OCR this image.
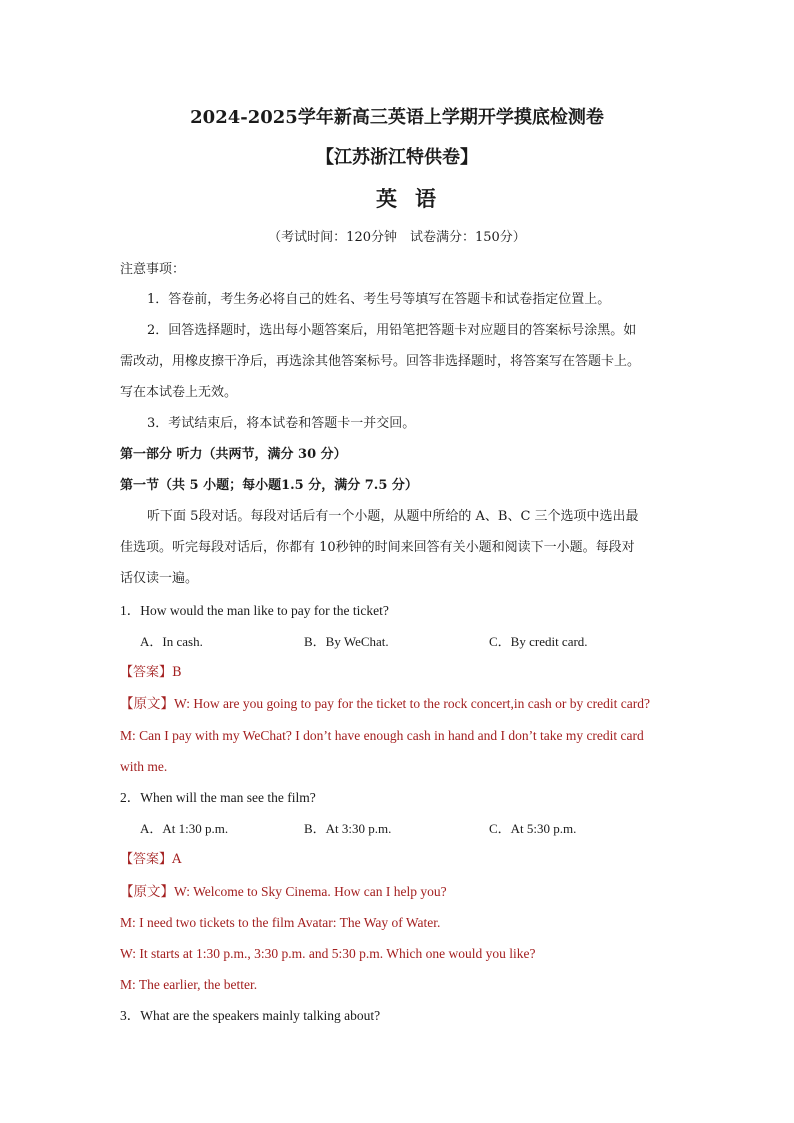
2024-2025学年新高三英语上学期开学摸底检测卷
【江苏浙江特供卷】
英语
（考试时间：120分钟　试卷满分：150分）
注意事项：
1．答卷前，考生务必将自己的姓名、考生号等填写在答题卡和试卷指定位置上。
2．回答选择题时，选出每小题答案后，用铅笔把答题卡对应题目的答案标号涂黑。如
需改动，用橡皮擦干净后，再选涂其他答案标号。回答非选择题时，将答案写在答题卡上。
写在本试卷上无效。
3．考试结束后，将本试卷和答题卡一并交回。
第一部分 听力（共两节，满分 30 分）
第一节（共 5 小题；每小题1.5 分，满分 7.5 分）
听下面 5段对话。每段对话后有一个小题，从题中所给的 A、B、C 三个选项中选出最
佳选项。听完每段对话后，你都有 10秒钟的时间来回答有关小题和阅读下一小题。每段对
话仅读一遍。
1．How would the man like to pay for the ticket?
A．In cash.	B．By WeChat.	C．By credit card.
【答案】B
【原文】W: How are you going to pay for the ticket to the rock concert,in cash or by credit card?
M: Can I pay with my WeChat? I don’t have enough cash in hand and I don’t take my credit card
with me.
2．When will the man see the film?
A．At 1:30 p.m.	B．At 3:30 p.m.	C．At 5:30 p.m.
【答案】A
【原文】W: Welcome to Sky Cinema. How can I help you?
M: I need two tickets to the film Avatar: The Way of Water.
W: It starts at 1:30 p.m., 3:30 p.m. and 5:30 p.m. Which one would you like?
M: The earlier, the better.
3．What are the speakers mainly talking about?
